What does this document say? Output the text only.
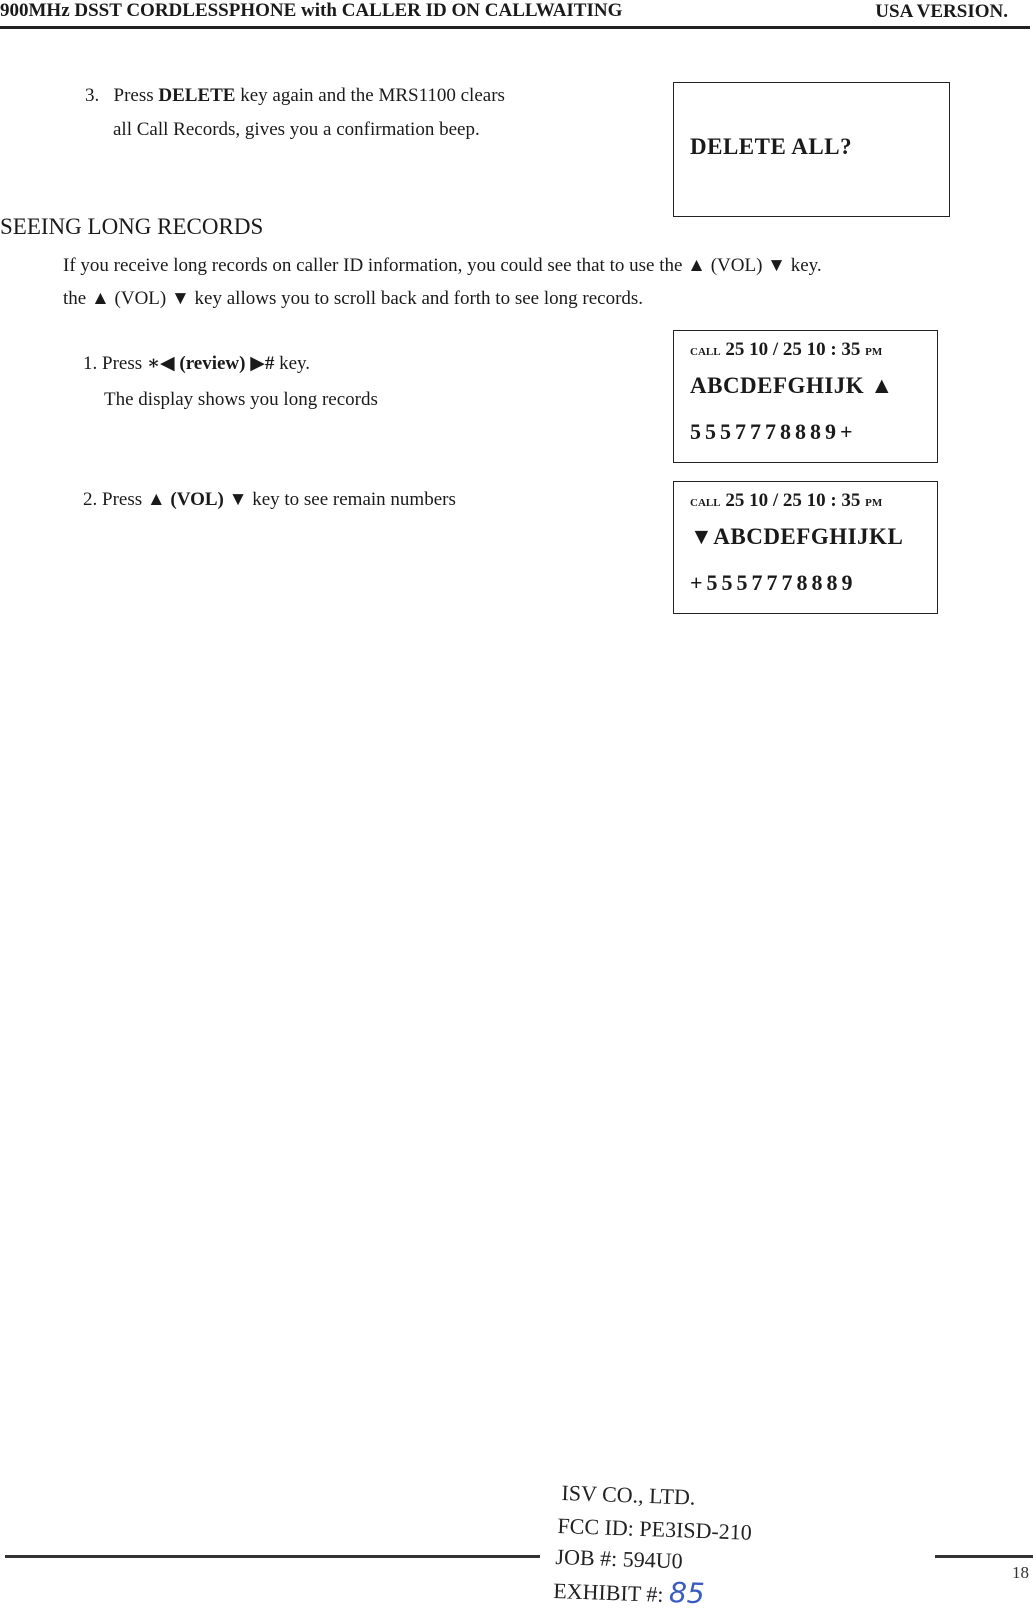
900MHz DSST CORDLESSPHONE with CALLER ID ON CALLWAITING	USA VERSION.
3. Press DELETE key again and the MRS1100 clears
all Call Records, gives you a confirmation beep.
DELETE ALL?
SEEING LONG RECORDS
If you receive long records on caller ID information, you could see that to use the ▲ (VOL) ▼ key.
the ▲ (VOL) ▼ key allows you to scroll back and forth to see long records.
1. Press ∗◀ (review) ▶# key.
The display shows you long records
2. Press ▲ (VOL) ▼ key to see remain numbers
CALL 25 10 / 25 10 : 35 PM
ABCDEFGHIJK ▲
5557778889+
CALL 25 10 / 25 10 : 35 PM
▼ABCDEFGHIJKL
+5557778889
ISV CO., LTD.
FCC ID: PE3ISD-210
JOB #: 594U0
EXHIBIT #: 85
18
